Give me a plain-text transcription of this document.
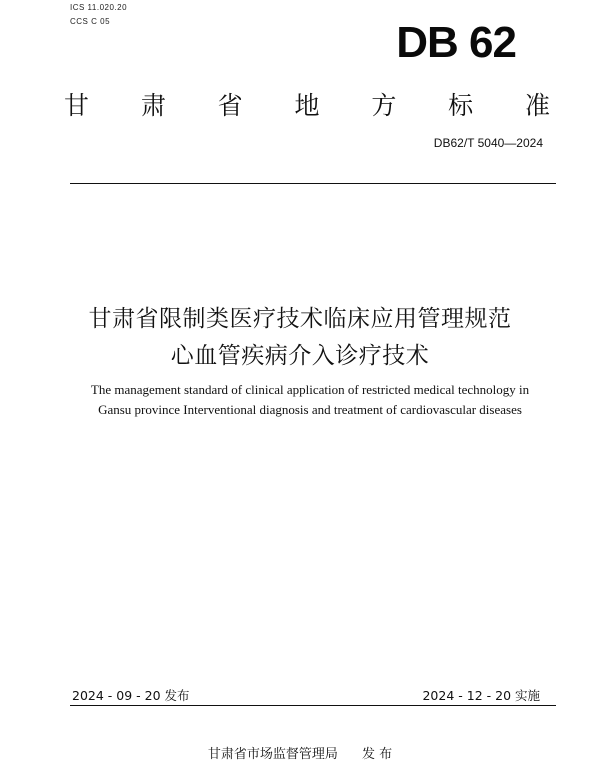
ICS 11.020.20
CCS C 05	DB 62
甘 肃 省 地 方 标 准
DB62/T 5040—2024
甘肃省限制类医疗技术临床应用管理规范
心血管疾病介入诊疗技术
The management standard of clinical application of restricted medical technology in
Gansu province Interventional diagnosis and treatment of cardiovascular diseases
2024 - 09 - 20 发布	2024 - 12 - 20 实施
甘肃省市场监督管理局 发 布
